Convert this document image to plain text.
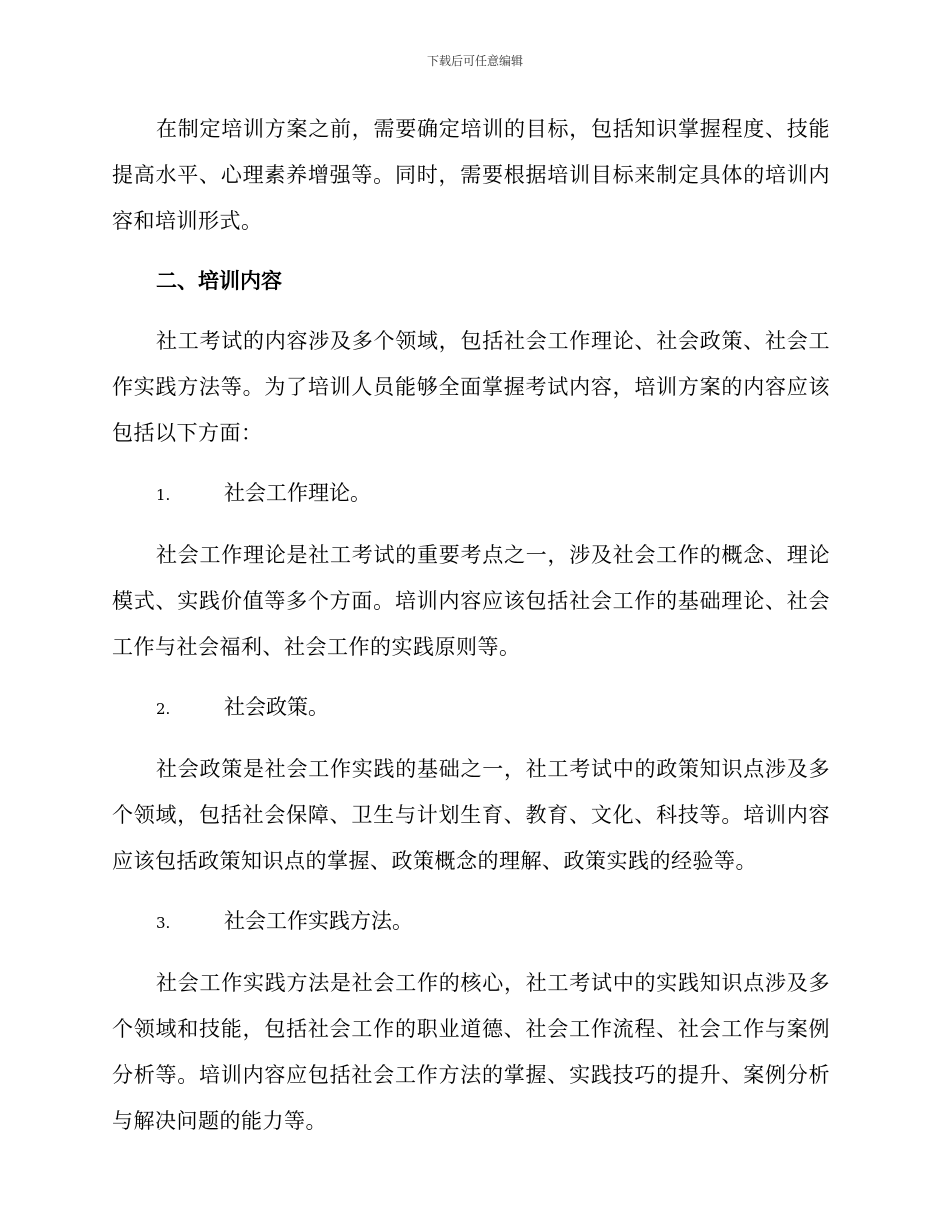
下载后可任意编辑

在制定培训方案之前，需要确定培训的目标，包括知识掌握程度、技能提高水平、心理素养增强等。同时，需要根据培训目标来制定具体的培训内容和培训形式。

二、培训内容

社工考试的内容涉及多个领域，包括社会工作理论、社会政策、社会工作实践方法等。为了培训人员能够全面掌握考试内容，培训方案的内容应该包括以下方面：

1.	社会工作理论。

社会工作理论是社工考试的重要考点之一，涉及社会工作的概念、理论模式、实践价值等多个方面。培训内容应该包括社会工作的基础理论、社会工作与社会福利、社会工作的实践原则等。

2.	社会政策。

社会政策是社会工作实践的基础之一，社工考试中的政策知识点涉及多个领域，包括社会保障、卫生与计划生育、教育、文化、科技等。培训内容应该包括政策知识点的掌握、政策概念的理解、政策实践的经验等。

3.	社会工作实践方法。

社会工作实践方法是社会工作的核心，社工考试中的实践知识点涉及多个领域和技能，包括社会工作的职业道德、社会工作流程、社会工作与案例分析等。培训内容应包括社会工作方法的掌握、实践技巧的提升、案例分析与解决问题的能力等。
